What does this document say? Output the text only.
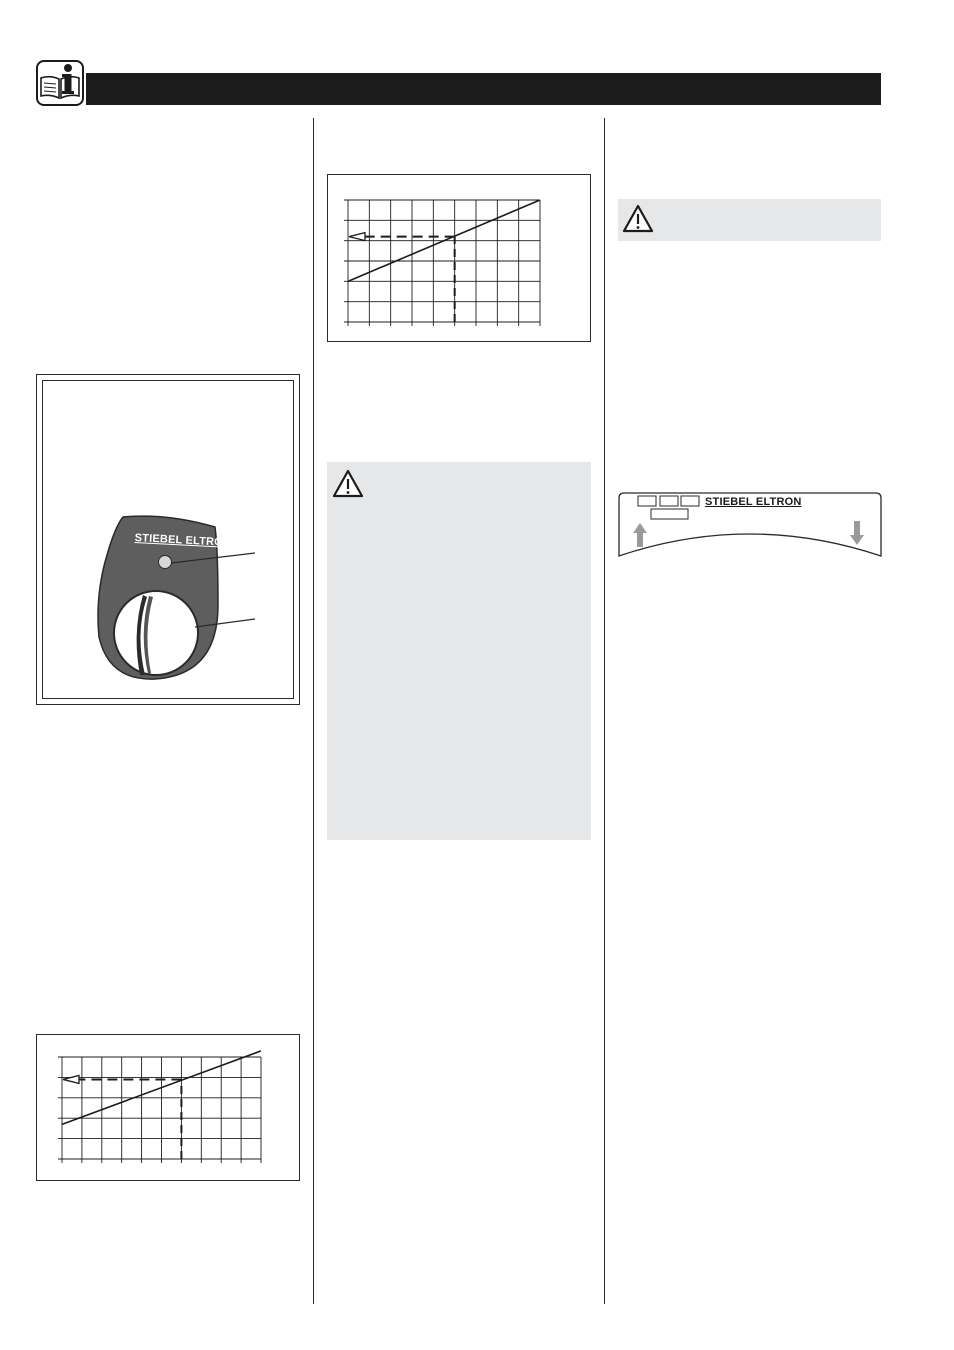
STIEBEL ELTRON
STIEBEL ELTRON
